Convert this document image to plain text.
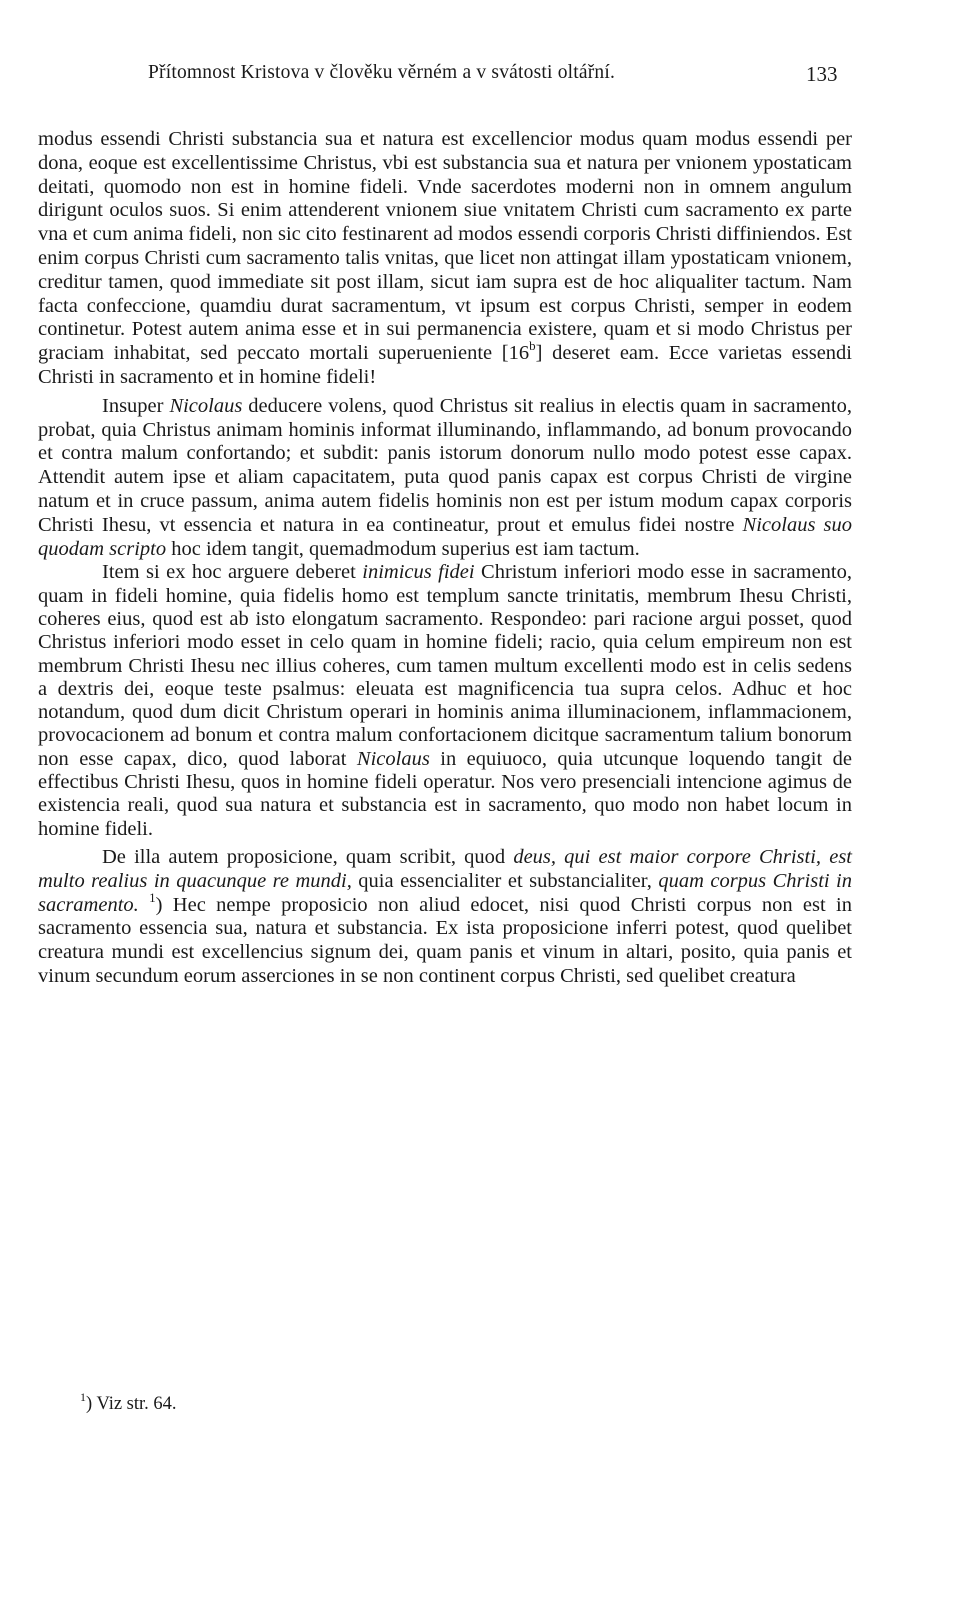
Přítomnost Kristova v člověku věrném a v svátosti oltářní.	133

modus essendi Christi substancia sua et natura est excellencior modus quam modus essendi per dona, eoque est excellentissime Christus, vbi est substancia sua et natura per vnionem ypostaticam deitati, quomodo non est in homine fideli. Vnde sacerdotes moderni non in omnem angulum dirigunt oculos suos. Si enim attenderent vnionem siue vnitatem Christi cum sacramento ex parte vna et cum anima fideli, non sic cito festinarent ad modos essendi corporis Christi diffiniendos. Est enim corpus Christi cum sacramento talis vnitas, que licet non attingat illam ypostaticam vnionem, creditur tamen, quod immediate sit post illam, sicut iam supra est de hoc aliqualiter tactum. Nam facta confeccione, quamdiu durat sacramentum, vt ipsum est corpus Christi, semper in eodem continetur. Potest autem anima esse et in sui permanencia existere, quam et si modo Christus per graciam inhabitat, sed peccato mortali superueniente [16$^b$] deseret eam. Ecce varietas essendi Christi in sacramento et in homine fideli!

Insuper Nicolaus deducere volens, quod Christus sit realius in electis quam in sacramento, probat, quia Christus animam hominis informat illuminando, inflammando, ad bonum provocando et contra malum confortando; et subdit: panis istorum donorum nullo modo potest esse capax. Attendit autem ipse et aliam capacitatem, puta quod panis capax est corpus Christi de virgine natum et in cruce passum, anima autem fidelis hominis non est per istum modum capax corporis Christi Ihesu, vt essencia et natura in ea contineatur, prout et emulus fidei nostre Nicolaus suo quodam scripto hoc idem tangit, quemadmodum superius est iam tactum.

Item si ex hoc arguere deberet inimicus fidei Christum inferiori modo esse in sacramento, quam in fideli homine, quia fidelis homo est templum sancte trinitatis, membrum Ihesu Christi, coheres eius, quod est ab isto elongatum sacramento. Respondeo: pari racione argui posset, quod Christus inferiori modo esset in celo quam in homine fideli; racio, quia celum empireum non est membrum Christi Ihesu nec illius coheres, cum tamen multum excellenti modo est in celis sedens a dextris dei, eoque teste psalmus: eleuata est magnificencia tua supra celos. Adhuc et hoc notandum, quod dum dicit Christum operari in hominis anima illuminacionem, inflammacionem, provocacionem ad bonum et contra malum confortacionem dicitque sacramentum talium bonorum non esse capax, dico, quod laborat Nicolaus in equiuoco, quia utcunque loquendo tangit de effectibus Christi Ihesu, quos in homine fideli operatur. Nos vero presenciali intencione agimus de existencia reali, quod sua natura et substancia est in sacramento, quo modo non habet locum in homine fideli.

De illa autem proposicione, quam scribit, quod deus, qui est maior corpore Christi, est multo realius in quacunque re mundi, quia essencialiter et substancialiter, quam corpus Christi in sacramento. $^1$) Hec nempe proposicio non aliud edocet, nisi quod Christi corpus non est in sacramento essencia sua, natura et substancia. Ex ista proposicione inferri potest, quod quelibet creatura mundi est excellencius signum dei, quam panis et vinum in altari, posito, quia panis et vinum secundum eorum asserciones in se non continent corpus Christi, sed quelibet creatura

$^1$) Viz str. 64.
